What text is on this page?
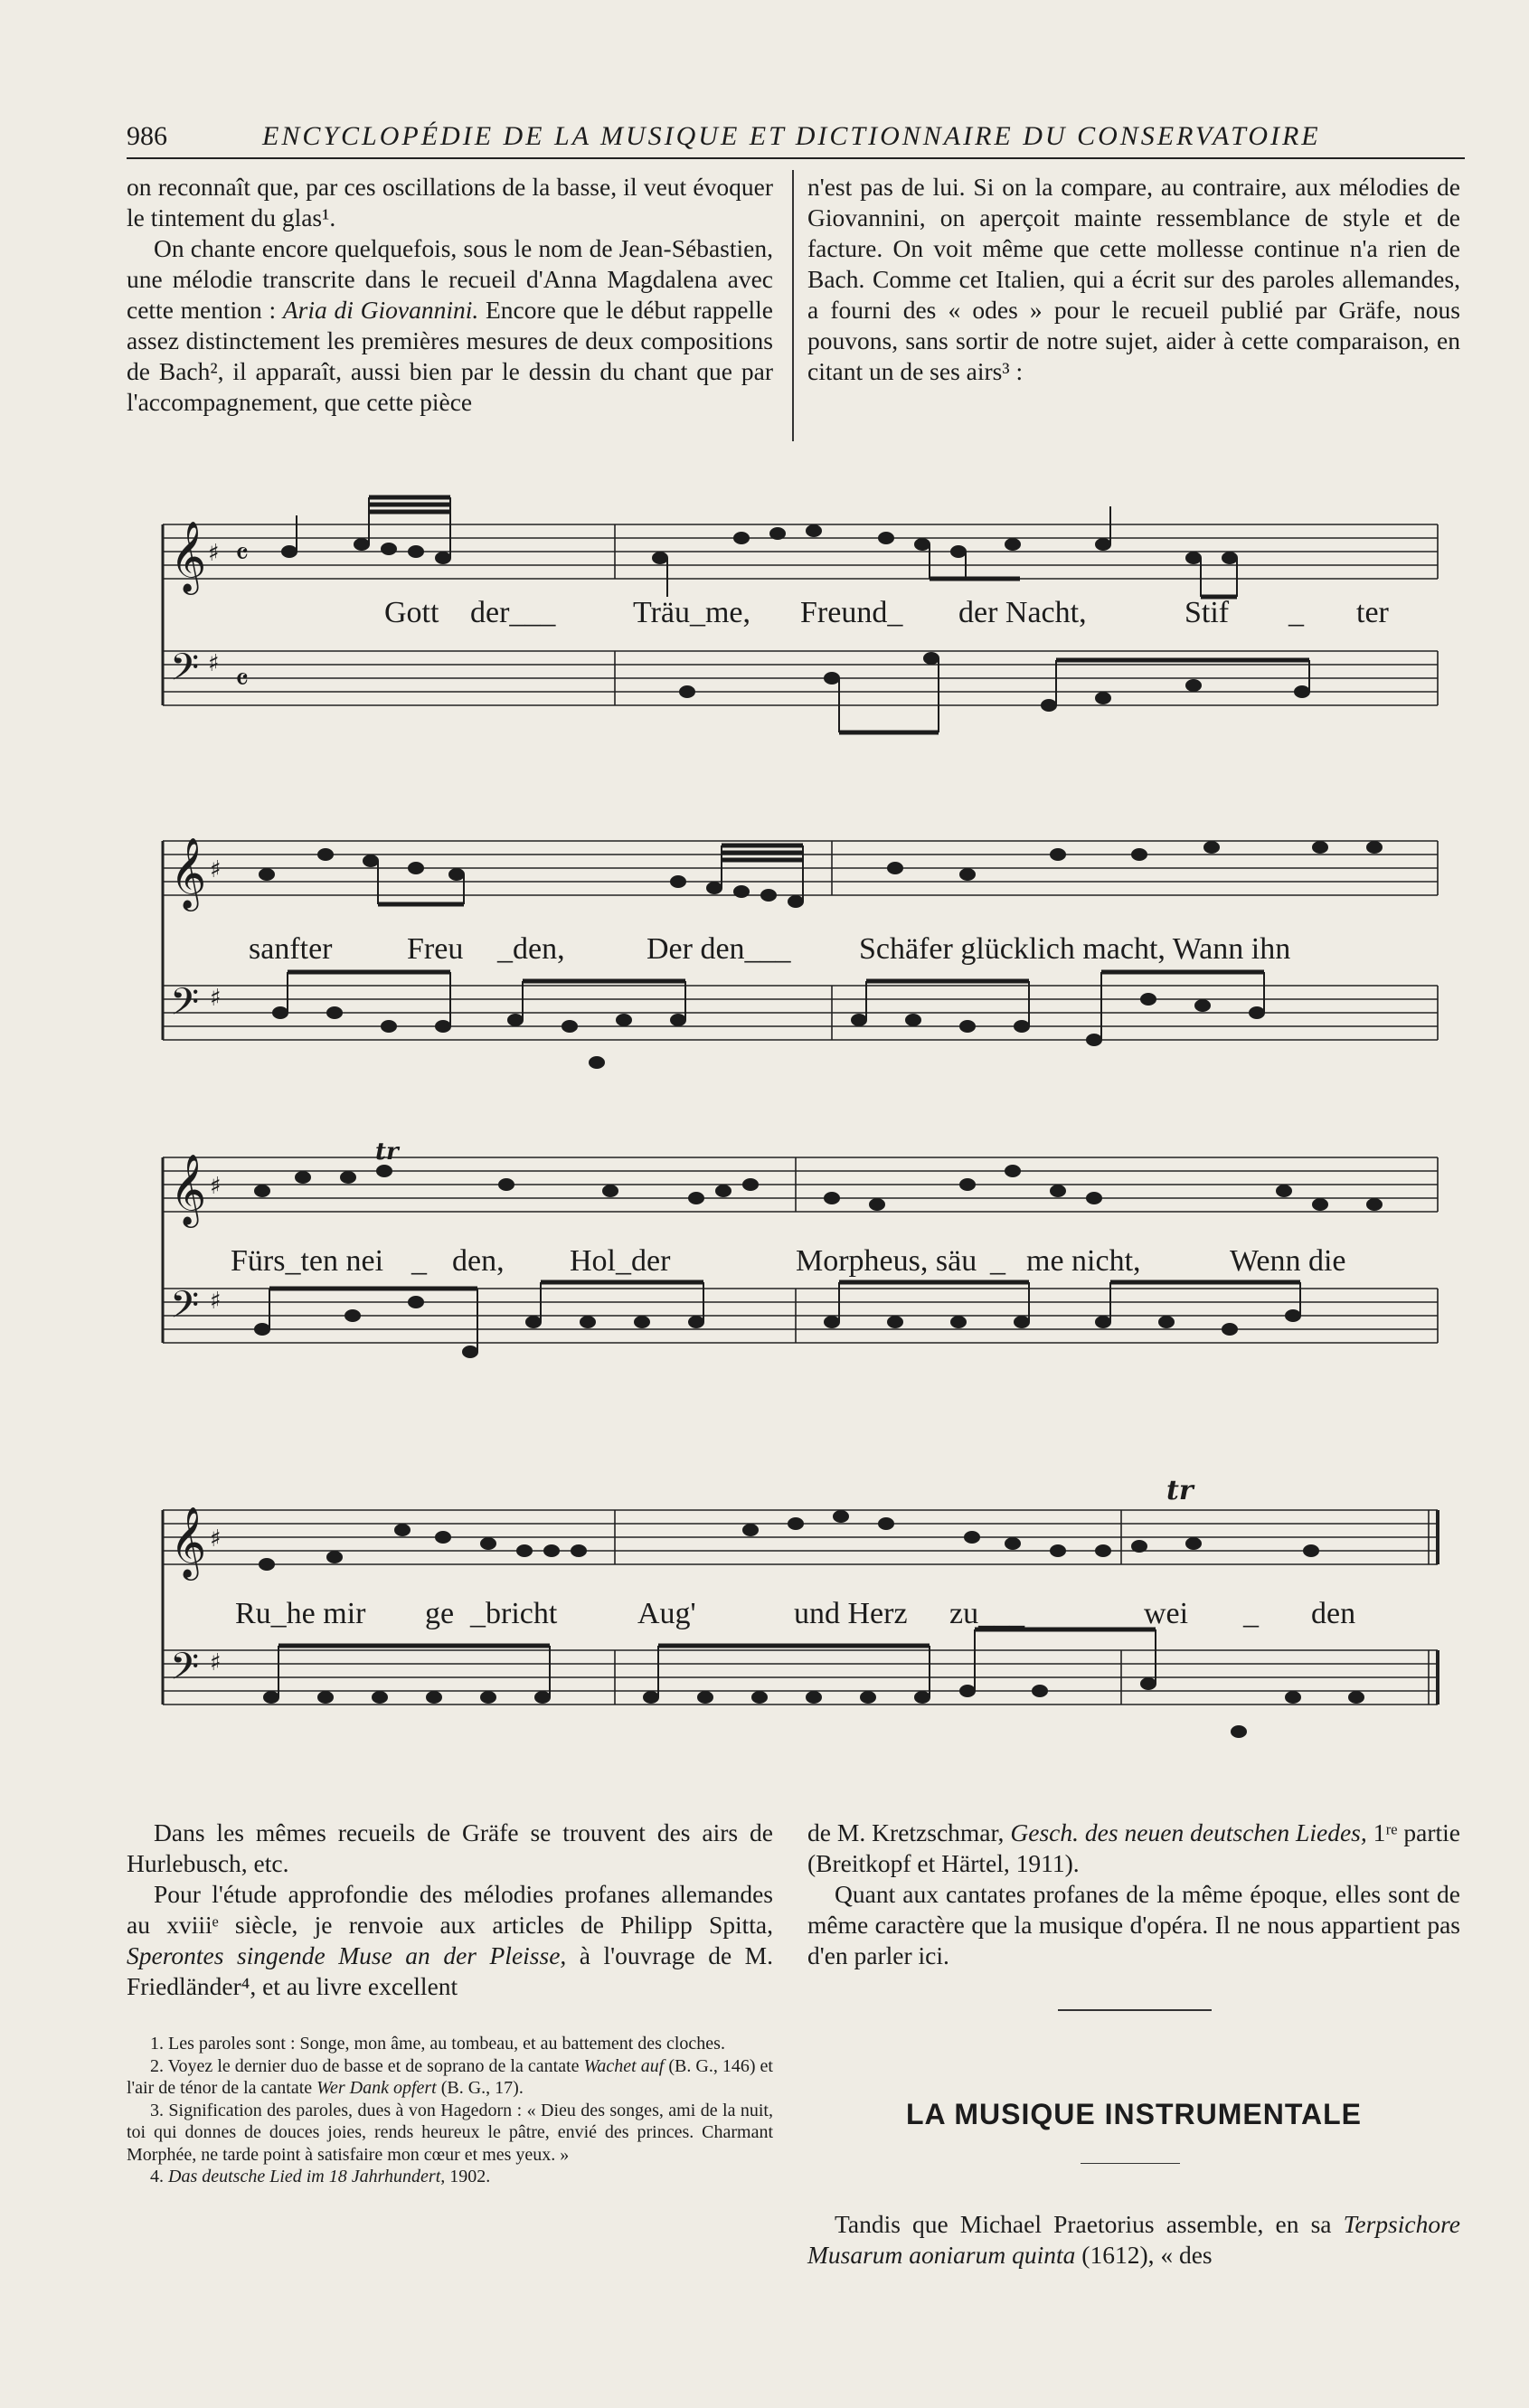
986	ENCYCLOPÉDIE DE LA MUSIQUE ET DICTIONNAIRE DU CONSERVATOIRE

on reconnaît que, par ces oscillations de la basse, il veut évoquer le tintement du glas¹.

On chante encore quelquefois, sous le nom de Jean-Sébastien, une mélodie transcrite dans le recueil d'Anna Magdalena avec cette mention : Aria di Giovannini. Encore que le début rappelle assez distinctement les premières mesures de deux compositions de Bach², il apparaît, aussi bien par le dessin du chant que par l'accompagnement, que cette pièce

n'est pas de lui. Si on la compare, au contraire, aux mélodies de Giovannini, on aperçoit mainte ressemblance de style et de facture. On voit même que cette mollesse continue n'a rien de Bach. Comme cet Italien, qui a écrit sur des paroles allemandes, a fourni des « odes » pour le recueil publié par Gräfe, nous pouvons, sans sortir de notre sujet, aider à cette comparaison, en citant un de ses airs³ :

𝄞
𝄢
♯
♯
𝄴
𝄴
Gott der___	Träu_me, Freund_ der Nacht,	Stif _ ter
𝄞
𝄢
♯
♯
sanfter Freu _den,	Der den___ Schäfer glücklich macht, Wann ihn
𝄞
𝄢
♯
♯
tr
Fürs_ten nei _ den, Hol_der	Morpheus, säu _ me nicht,	Wenn die
𝄞
𝄢
♯
♯
tr
Ru_he mir ge _bricht	Aug'	und Herz zu___	wei _ den

Dans les mêmes recueils de Gräfe se trouvent des airs de Hurlebusch, etc.

Pour l'étude approfondie des mélodies profanes allemandes au xviiiᵉ siècle, je renvoie aux articles de Philipp Spitta, Sperontes singende Muse an der Pleisse, à l'ouvrage de M. Friedländer⁴, et au livre excellent

de M. Kretzschmar, Gesch. des neuen deutschen Liedes, 1ʳᵉ partie (Breitkopf et Härtel, 1911).

Quant aux cantates profanes de la même époque, elles sont de même caractère que la musique d'opéra. Il ne nous appartient pas d'en parler ici.

1. Les paroles sont : Songe, mon âme, au tombeau, et au battement des cloches.

2. Voyez le dernier duo de basse et de soprano de la cantate Wachet auf (B. G., 146) et l'air de ténor de la cantate Wer Dank opfert (B. G., 17).

3. Signification des paroles, dues à von Hagedorn : « Dieu des songes, ami de la nuit, toi qui donnes de douces joies, rends heureux le pâtre, envié des princes. Charmant Morphée, ne tarde point à satisfaire mon cœur et mes yeux. »

4. Das deutsche Lied im 18 Jahrhundert, 1902.

LA MUSIQUE INSTRUMENTALE

Tandis que Michael Praetorius assemble, en sa Terpsichore Musarum aoniarum quinta (1612), « des
